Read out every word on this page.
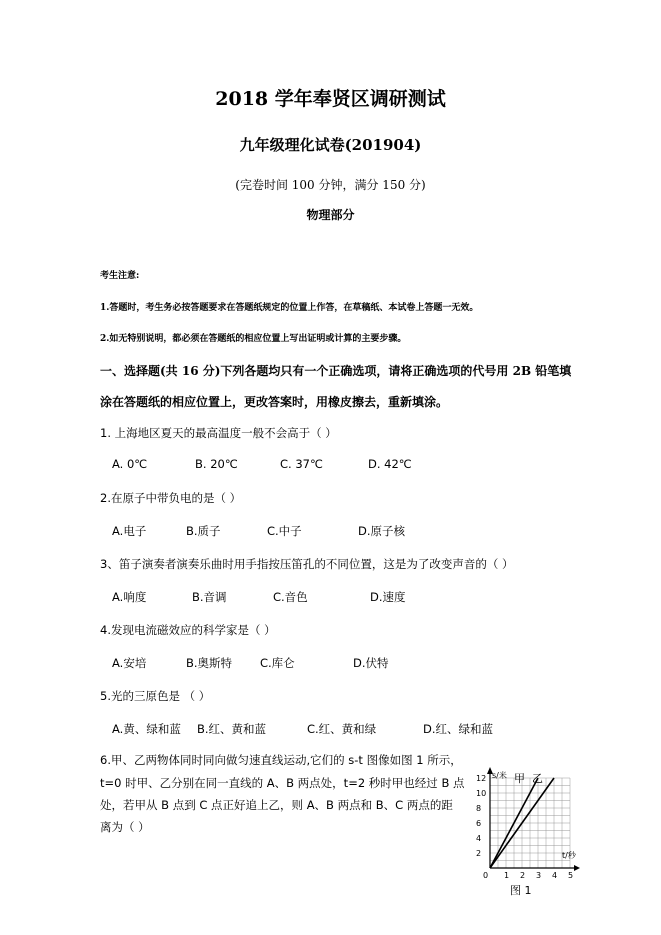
2018 学年奉贤区调研测试
九年级理化试卷(201904)
(完卷时间 100 分钟，满分 150 分)
物理部分
考生注意:
1.答题时，考生务必按答题要求在答题纸规定的位置上作答，在草稿纸、本试卷上答题一无效。
2.如无特别说明，都必须在答题纸的相应位置上写出证明或计算的主要步骤。
一、选择题(共 16 分)下列各题均只有一个正确选项，请将正确选项的代号用 2B 铅笔填
涂在答题纸的相应位置上，更改答案时，用橡皮擦去，重新填涂。
1. 上海地区夏天的最高温度一般不会高于（ ）
A. 0℃	B. 20℃	C. 37℃	D. 42℃
2.在原子中带负电的是（ ）
A.电子	B.质子	C.中子	D.原子核
3、笛子演奏者演奏乐曲时用手指按压笛孔的不同位置，这是为了改变声音的（ ）
A.响度	B.音调	C.音色	D.速度
4.发现电流磁效应的科学家是（ ）
A.安培	B.奥斯特 C.库仑	D.伏特
5.光的三原色是 （ ）
A.黄、绿和蓝 B.红、黄和蓝	C.红、黄和绿	D.红、绿和蓝
6.甲、乙两物体同时同向做匀速直线运动,它们的 s-t 图像如图 1 所示，
t=0 时甲、乙分别在同一直线的 A、B 两点处，t=2 秒时甲也经过 B 点
处，若甲从 B 点到 C 点正好追上乙，则 A、B 两点和 B、C 两点的距
离为（ ）
2
4
6
8
10
12
1 2 3 4 5
s/米
t/秒
甲 乙
0
图 1
